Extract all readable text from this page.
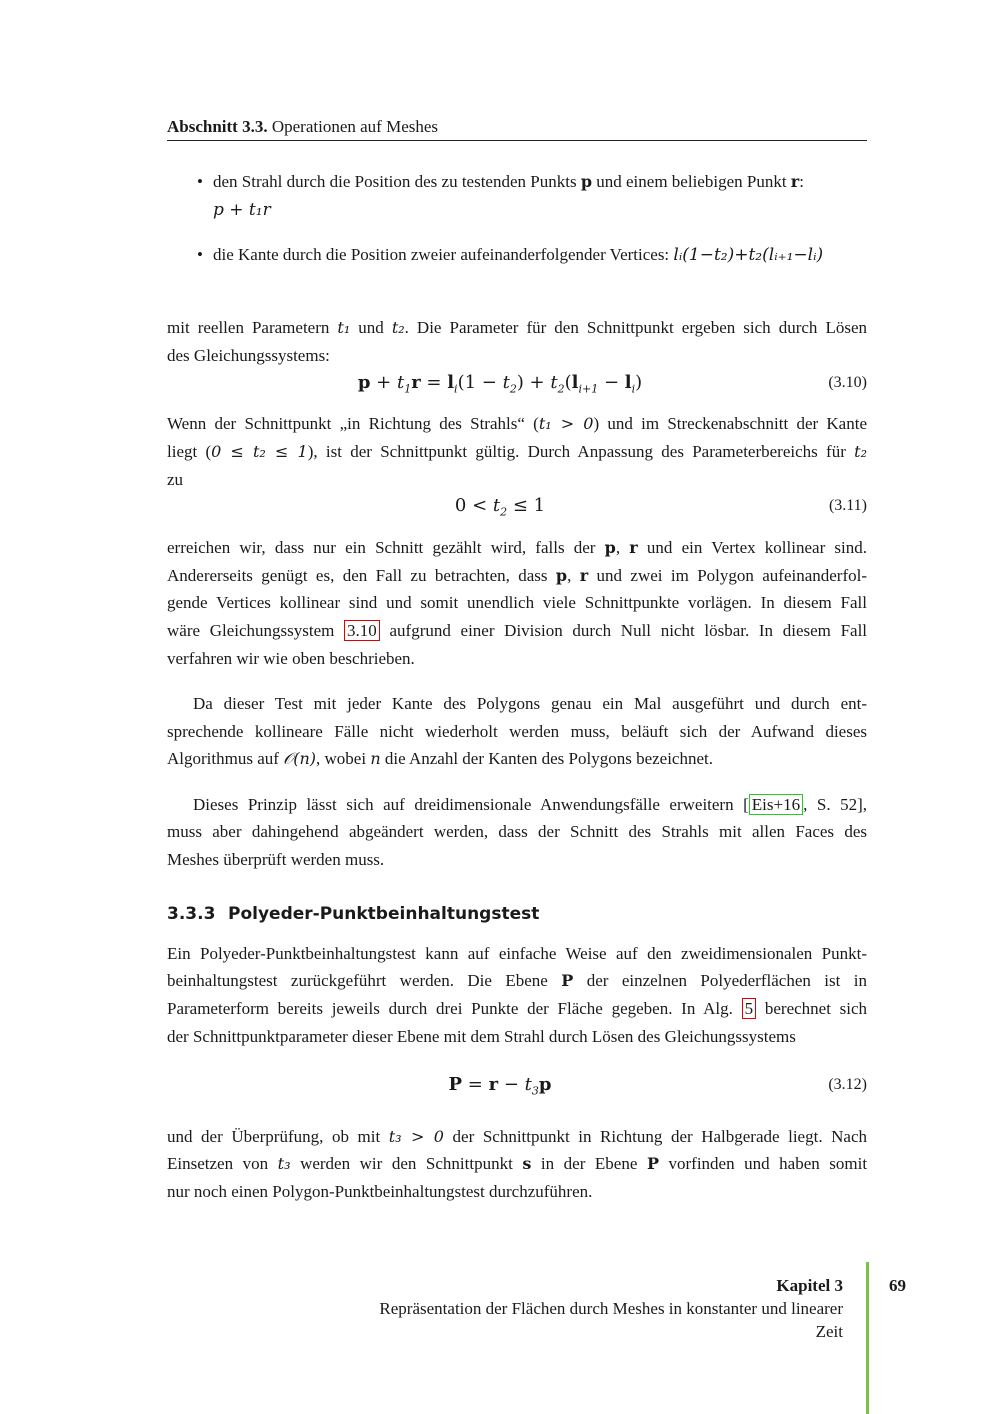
Abschnitt 3.3. Operationen auf Meshes
• den Strahl durch die Position des zu testenden Punkts p und einem beliebigen Punkt r:
p + t₁r
• die Kante durch die Position zweier aufeinanderfolgender Vertices: lᵢ(1−t₂)+t₂(lᵢ₊₁−lᵢ)
mit reellen Parametern t₁ und t₂. Die Parameter für den Schnittpunkt ergeben sich durch Lösen
des Gleichungssystems:
$p + t_1r = l_i(1 - t_2) + t_2(l_{i+1} - l_i)$	(3.10)
Wenn der Schnittpunkt „in Richtung des Strahls“ (t₁ > 0) und im Streckenabschnitt der Kante
liegt (0 ≤ t₂ ≤ 1), ist der Schnittpunkt gültig. Durch Anpassung des Parameterbereichs für t₂
zu
$0 < t_2 \le 1$	(3.11)
erreichen wir, dass nur ein Schnitt gezählt wird, falls der p, r und ein Vertex kollinear sind.
Andererseits genügt es, den Fall zu betrachten, dass p, r und zwei im Polygon aufeinanderfol-
gende Vertices kollinear sind und somit unendlich viele Schnittpunkte vorlägen. In diesem Fall
wäre Gleichungssystem 3.10 aufgrund einer Division durch Null nicht lösbar. In diesem Fall
verfahren wir wie oben beschrieben.
Da dieser Test mit jeder Kante des Polygons genau ein Mal ausgeführt und durch ent-
sprechende kollineare Fälle nicht wiederholt werden muss, beläuft sich der Aufwand dieses
Algorithmus auf 𝒪(n), wobei n die Anzahl der Kanten des Polygons bezeichnet.
Dieses Prinzip lässt sich auf dreidimensionale Anwendungsfälle erweitern [ Eis+16 , S. 52],
muss aber dahingehend abgeändert werden, dass der Schnitt des Strahls mit allen Faces des
Meshes überprüft werden muss.
3.3.3 Polyeder-Punktbeinhaltungstest
Ein Polyeder-Punktbeinhaltungstest kann auf einfache Weise auf den zweidimensionalen Punkt-
beinhaltungstest zurückgeführt werden. Die Ebene P der einzelnen Polyederflächen ist in
Parameterform bereits jeweils durch drei Punkte der Fläche gegeben. In Alg. 5 berechnet sich
der Schnittpunktparameter dieser Ebene mit dem Strahl durch Lösen des Gleichungssystems
$P = r - t_3p$	(3.12)
und der Überprüfung, ob mit t₃ > 0 der Schnittpunkt in Richtung der Halbgerade liegt. Nach
Einsetzen von t₃ werden wir den Schnittpunkt s in der Ebene P vorfinden und haben somit
nur noch einen Polygon-Punktbeinhaltungstest durchzuführen.
Kapitel 3
Repräsentation der Flächen durch Meshes in konstanter und linearer
Zeit
69
